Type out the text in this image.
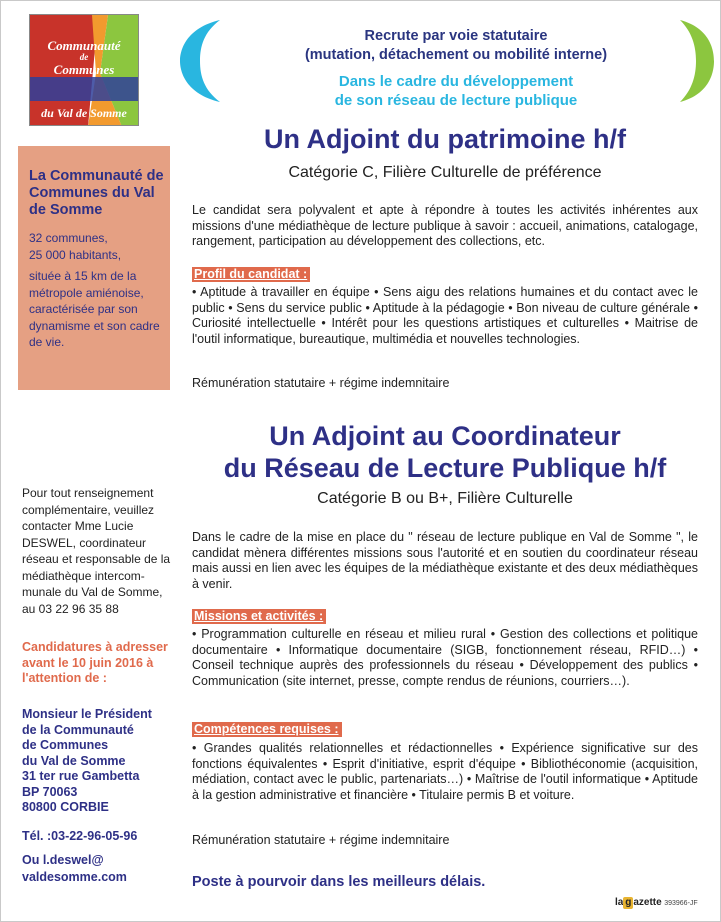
Communauté
de
Communes
du Val de Somme
Recrute par voie statutaire
(mutation, détachement ou mobilité interne)
Dans le cadre du développement
de son réseau de lecture publique
Un Adjoint du patrimoine h/f
Catégorie C, Filière Culturelle de préférence
Le candidat sera polyvalent et apte à répondre à toutes les activités inhérentes aux missions d'une médiathèque de lecture publique à savoir : accueil, animations, catalogage, rangement, participation au développement des collections, etc.
Profil du candidat :
• Aptitude à travailler en équipe • Sens aigu des relations humaines et du contact avec le public • Sens du service public • Aptitude à la pédagogie • Bon niveau de culture générale • Curiosité intellectuelle • Intérêt pour les questions artistiques et culturelles • Maitrise de l'outil informatique, bureautique, multimédia et nouvelles technologies.
Rémunération statutaire + régime indemnitaire
Un Adjoint au Coordinateur
du Réseau de Lecture Publique h/f
Catégorie B ou B+, Filière Culturelle
Dans le cadre de la mise en place du " réseau de lecture publique en Val de Somme ", le candidat mènera différentes missions sous l'autorité et en soutien du coordinateur réseau mais aussi en lien avec les équipes de la médiathèque existante et des deux médiathèques à venir.
Missions et activités :
• Programmation culturelle en réseau et milieu rural • Gestion des collections et politique documentaire • Informatique documentaire (SIGB, fonctionnement réseau, RFID…) • Conseil technique auprès des professionnels du réseau • Développement des publics • Communication (site internet, presse, compte rendus de réunions, courriers…).
Compétences requises :
• Grandes qualités relationnelles et rédactionnelles • Expérience significative sur des fonctions équivalentes • Esprit d'initiative, esprit d'équipe • Bibliothéconomie (acquisition, médiation, contact avec le public, partenariats…) • Maîtrise de l'outil informatique • Aptitude à la gestion administrative et financière • Titulaire permis B et voiture.
Rémunération statutaire + régime indemnitaire
La Communauté de Communes du Val de Somme
32 communes,
25 000 habitants,
située à 15 km de la métropole amiénoise, caractérisée par son dynamisme et son cadre de vie.
Pour tout renseignement complémentaire, veuillez contacter Mme Lucie DESWEL, coordinateur réseau et responsable de la médiathèque intercom-munale du Val de Somme, au 03 22 96 35 88
Candidatures à adresser avant le 10 juin 2016 à l'attention de :
Monsieur le Président
de la Communauté
de Communes
du Val de Somme
31 ter rue Gambetta
BP 70063
80800 CORBIE
Tél. :03-22-96-05-96
Ou l.deswel@
valdesomme.com	Poste à pourvoir dans les meilleurs délais.
la g azette 393966-JF
